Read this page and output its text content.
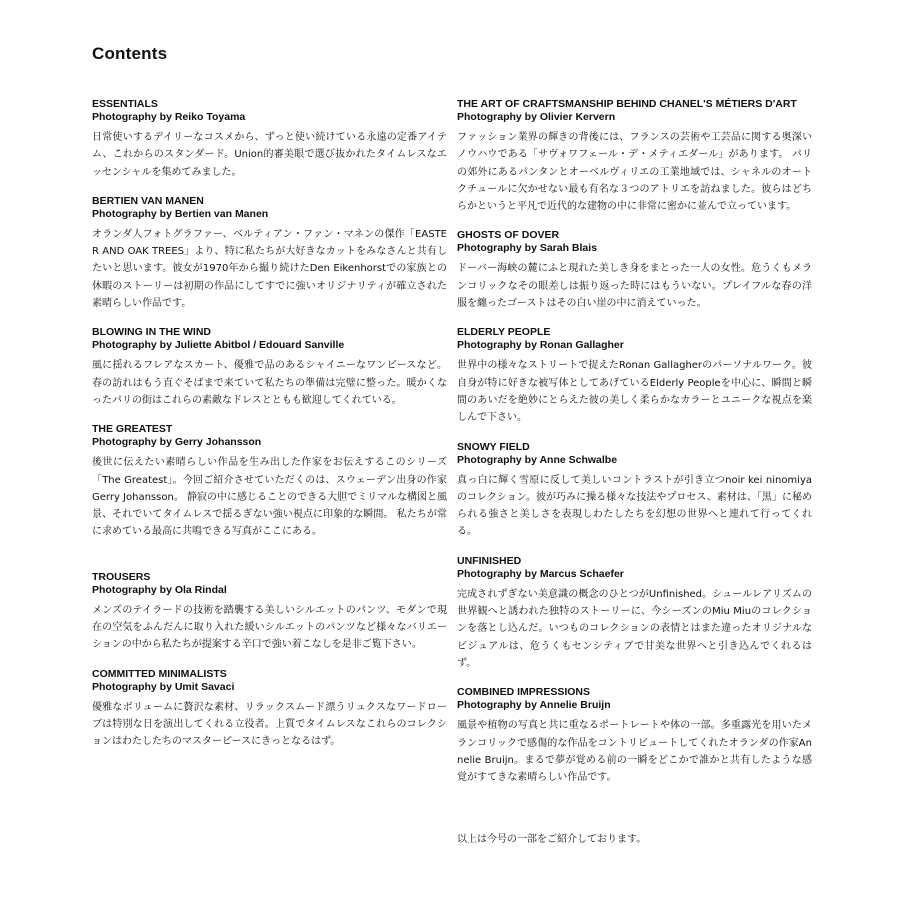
Contents

ESSENTIALS

Photography by Reiko Toyama

日常使いするデイリーなコスメから、ずっと使い続けている永遠の定番アイテム、これからのスタンダード。Union的審美眼で選び抜かれたタイムレスなエッセンシャルを集めてみました。

BERTIEN VAN MANEN

Photography by Bertien van Manen

オランダ人フォトグラファー、ベルティアン・ファン・マネンの傑作「EASTER AND OAK TREES」より、特に私たちが大好きなカットをみなさんと共有したいと思います。彼女が1970年から撮り続けたDen Eikenhorstでの家族との休暇のストーリーは初期の作品にしてすでに強いオリジナリティが確立された素晴らしい作品です。

BLOWING IN THE WIND

Photography by Juliette Abitbol / Edouard Sanville

風に揺れるフレアなスカート、優雅で品のあるシャイニーなワンピースなど。春の訪れはもう直ぐそばまで来ていて私たちの準備は完璧に整った。暖かくなったパリの街はこれらの素敵なドレスとともも歓迎してくれている。

THE GREATEST

Photography by Gerry Johansson

後世に伝えたい素晴らしい作品を生み出した作家をお伝えするこのシリーズ「The Greatest」。今回ご紹介させていただくのは、スウェーデン出身の作家Gerry Johansson。 静寂の中に感じることのできる大胆でミリマルな構図と風景、それでいてタイムレスで揺るぎない強い視点に印象的な瞬間。 私たちが常に求めている最高に共鳴できる写真がここにある。

TROUSERS

Photography by Ola Rindal

メンズのテイラードの技術を踏襲する美しいシルエットのパンツ、モダンで現在の空気をふんだんに取り入れた緩いシルエットのパンツなど様々なバリエーションの中から私たちが提案する辛口で強い着こなしを是非ご覧下さい。

COMMITTED MINIMALISTS

Photography by Umit Savaci

優雅なボリュームに贅沢な素材、リラックスムード漂うリュクスなワードローブは特別な日を演出してくれる立役者。上質でタイムレスなこれらのコレクションはわたしたちのマスターピースにきっとなるはず。

THE ART OF CRAFTSMANSHIP BEHIND CHANEL'S MÉTIERS D'ART

Photography by Olivier Kervern

ファッション業界の輝きの背後には、フランスの芸術や工芸品に関する奥深いノウハウである「サヴォワフェール・デ・メティエダール」があります。 パリの郊外にあるパンタンとオーベルヴィリエの工業地域では、シャネルのオートクチュールに欠かせない最も有名な３つのアトリエを訪ねました。彼らはどちらかというと平凡で近代的な建物の中に非常に密かに並んで立っています。

GHOSTS OF DOVER

Photography by Sarah Blais

ドーバー海峡の麓にふと現れた美しき身をまとった一人の女性。危うくもメランコリックなその眼差しは振り返った時にはもういない。プレイフルな春の洋服を纏ったゴーストはその白い崖の中に消えていった。

ELDERLY PEOPLE

Photography by Ronan Gallagher

世界中の様々なストリートで捉えたRonan Gallagherのパーソナルワーク。彼自身が特に好きな被写体としてあげているElderly Peopleを中心に、瞬間と瞬間のあいだを絶妙にとらえた彼の美しく柔らかなカラーとユニークな視点を楽しんで下さい。

SNOWY FIELD

Photography by Anne Schwalbe

真っ白に輝く雪原に反して美しいコントラストが引き立つnoir kei ninomiyaのコレクション。彼が巧みに操る様々な技法やプロセス、素材は、「黒」に秘められる強さと美しさを表現しわたしたちを幻想の世界へと連れて行ってくれる。

UNFINISHED

Photography by Marcus Schaefer

完成されずぎない美意識の概念のひとつがUnfinished。シュールレアリズムの世界観へと誘われた独特のストーリーに、今シーズンのMiu Miuのコレクションを落とし込んだ。いつものコレクションの表情とはまた違ったオリジナルなビジュアルは、危うくもセンシティブで甘美な世界へと引き込んでくれるはず。

COMBINED IMPRESSIONS

Photography by Annelie Bruijn

風景や植物の写真と共に重なるポートレートや体の一部。多重露光を用いたメランコリックで感傷的な作品をコントリビュートしてくれたオランダの作家Annelie Bruijn。まるで夢が覚める前の一瞬をどこかで誰かと共有したような感覚がすてきな素晴らしい作品です。

以上は今号の一部をご紹介しております。
